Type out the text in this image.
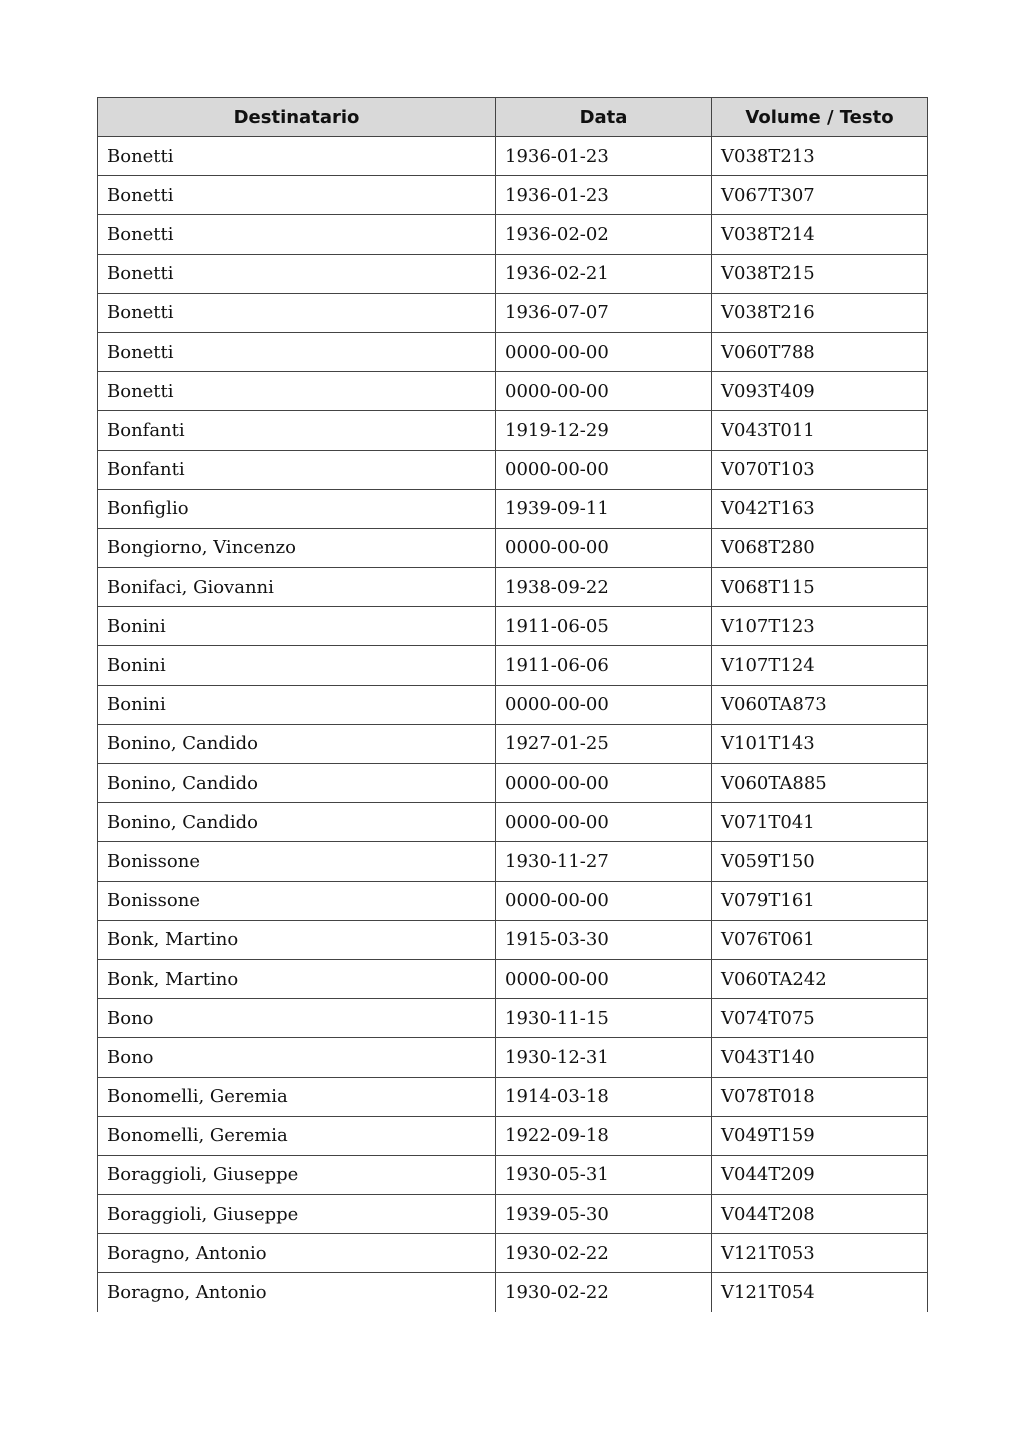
Destinatario	Data	Volume / Testo
Bonetti	1936-01-23	V038T213
Bonetti	1936-01-23	V067T307
Bonetti	1936-02-02	V038T214
Bonetti	1936-02-21	V038T215
Bonetti	1936-07-07	V038T216
Bonetti	0000-00-00	V060T788
Bonetti	0000-00-00	V093T409
Bonfanti	1919-12-29	V043T011
Bonfanti	0000-00-00	V070T103
Bonfiglio	1939-09-11	V042T163
Bongiorno, Vincenzo	0000-00-00	V068T280
Bonifaci, Giovanni	1938-09-22	V068T115
Bonini	1911-06-05	V107T123
Bonini	1911-06-06	V107T124
Bonini	0000-00-00	V060TA873
Bonino, Candido	1927-01-25	V101T143
Bonino, Candido	0000-00-00	V060TA885
Bonino, Candido	0000-00-00	V071T041
Bonissone	1930-11-27	V059T150
Bonissone	0000-00-00	V079T161
Bonk, Martino	1915-03-30	V076T061
Bonk, Martino	0000-00-00	V060TA242
Bono	1930-11-15	V074T075
Bono	1930-12-31	V043T140
Bonomelli, Geremia	1914-03-18	V078T018
Bonomelli, Geremia	1922-09-18	V049T159
Boraggioli, Giuseppe	1930-05-31	V044T209
Boraggioli, Giuseppe	1939-05-30	V044T208
Boragno, Antonio	1930-02-22	V121T053
Boragno, Antonio	1930-02-22	V121T054
